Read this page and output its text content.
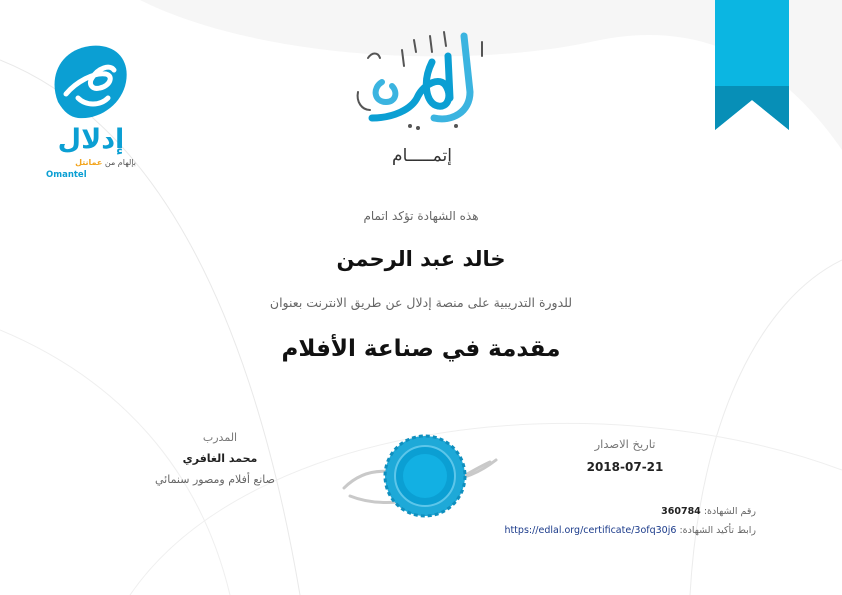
إدلال
بإلهام من عمانتل
Omantel
إتمـــــام
هذه الشهادة تؤكد اتمام
خالد عبد الرحمن
للدورة التدريبية على منصة إدلال عن طريق الانترنت بعنوان
مقدمة في صناعة الأفلام
المدرب
محمد الغافري
صانع أفلام ومصور سنمائي
تاريخ الاصدار
2018-07-21
رقم الشهادة: 360784
رابط تأكيد الشهادة: https://edlal.org/certificate/3ofq30j6
